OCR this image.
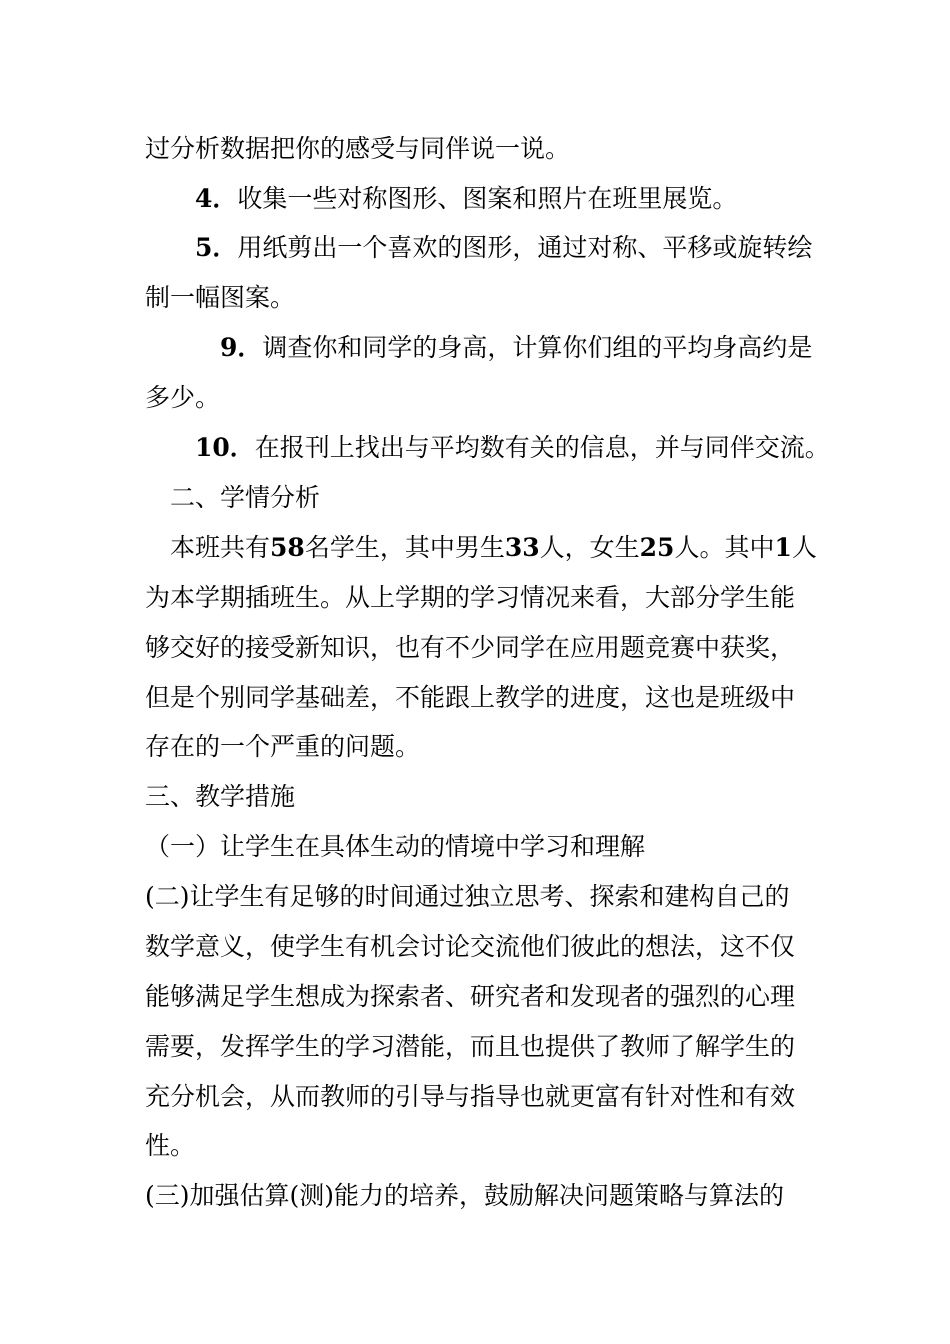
过分析数据把你的感受与同伴说一说。
4．收集一些对称图形、图案和照片在班里展览。
5．用纸剪出一个喜欢的图形，通过对称、平移或旋转绘
制一幅图案。
9．调查你和同学的身高，计算你们组的平均身高约是
多少。
10．在报刊上找出与平均数有关的信息，并与同伴交流。
二、学情分析
本班共有58名学生，其中男生33人，女生25人。其中1人
为本学期插班生。从上学期的学习情况来看，大部分学生能
够交好的接受新知识，也有不少同学在应用题竞赛中获奖，
但是个别同学基础差，不能跟上教学的进度，这也是班级中
存在的一个严重的问题。
三、教学措施
（一）让学生在具体生动的情境中学习和理解
(二)让学生有足够的时间通过独立思考、探索和建构自己的
数学意义，使学生有机会讨论交流他们彼此的想法，这不仅
能够满足学生想成为探索者、研究者和发现者的强烈的心理
需要，发挥学生的学习潜能，而且也提供了教师了解学生的
充分机会，从而教师的引导与指导也就更富有针对性和有效
性。
(三)加强估算(测)能力的培养，鼓励解决问题策略与算法的
